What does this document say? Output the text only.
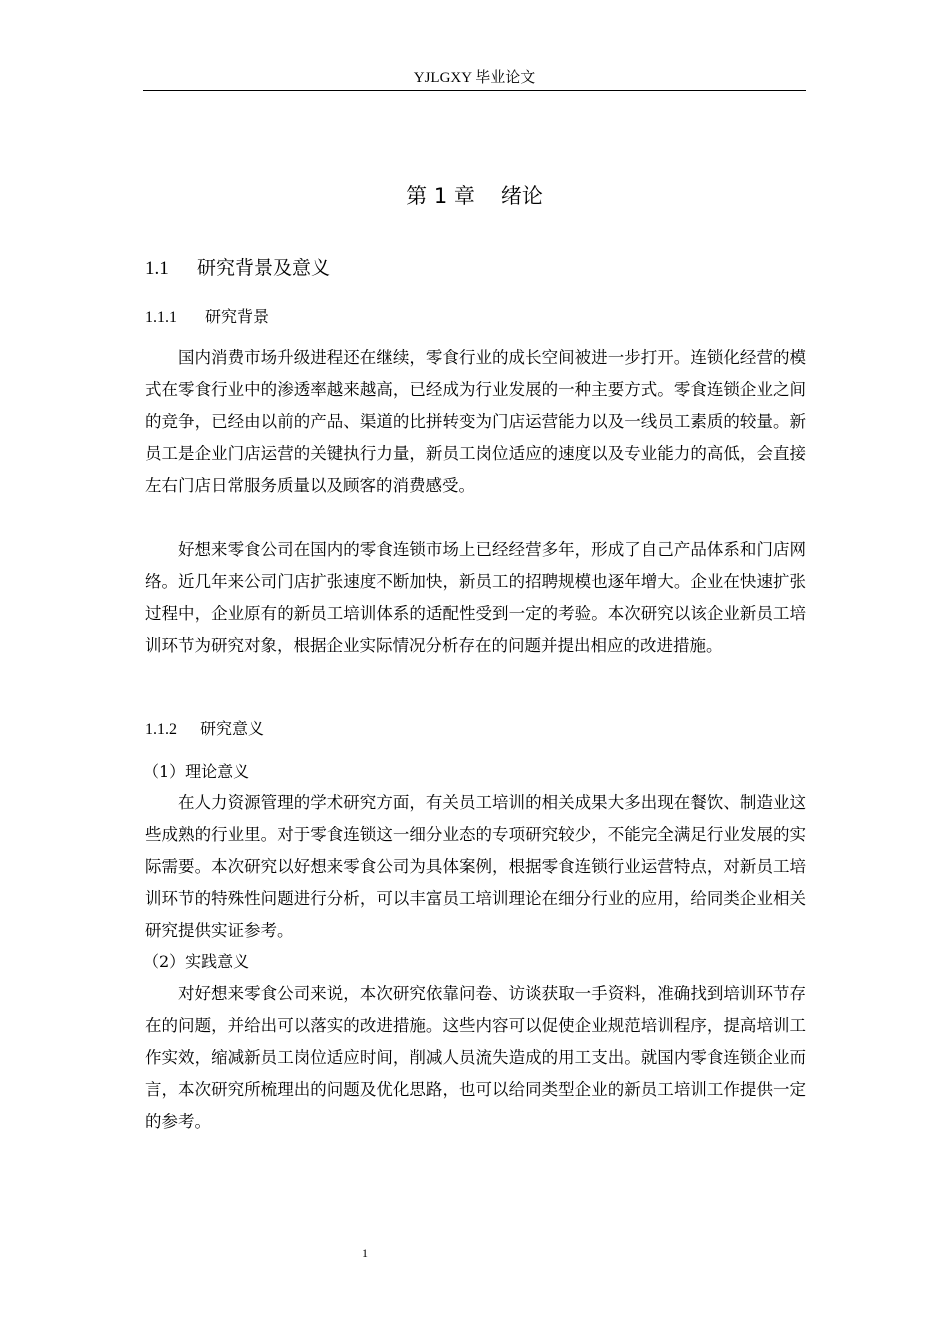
YJLGXY 毕业论文
第 1 章 绪论
1.1 研究背景及意义
1.1.1 研究背景

国内消费市场升级进程还在继续，零食行业的成长空间被进一步打开。连锁化经营的模式在零食行业中的渗透率越来越高，已经成为行业发展的一种主要方式。零食连锁企业之间的竞争，已经由以前的产品、渠道的比拼转变为门店运营能力以及一线员工素质的较量。新员工是企业门店运营的关键执行力量，新员工岗位适应的速度以及专业能力的高低，会直接左右门店日常服务质量以及顾客的消费感受。

好想来零食公司在国内的零食连锁市场上已经经营多年，形成了自己产品体系和门店网络。近几年来公司门店扩张速度不断加快，新员工的招聘规模也逐年增大。企业在快速扩张过程中，企业原有的新员工培训体系的适配性受到一定的考验。本次研究以该企业新员工培训环节为研究对象，根据企业实际情况分析存在的问题并提出相应的改进措施。

1.1.2 研究意义
（1）理论意义

在人力资源管理的学术研究方面，有关员工培训的相关成果大多出现在餐饮、制造业这些成熟的行业里。对于零食连锁这一细分业态的专项研究较少，不能完全满足行业发展的实际需要。本次研究以好想来零食公司为具体案例，根据零食连锁行业运营特点，对新员工培训环节的特殊性问题进行分析，可以丰富员工培训理论在细分行业的应用，给同类企业相关研究提供实证参考。

（2）实践意义

对好想来零食公司来说，本次研究依靠问卷、访谈获取一手资料，准确找到培训环节存在的问题，并给出可以落实的改进措施。这些内容可以促使企业规范培训程序，提高培训工作实效，缩减新员工岗位适应时间，削减人员流失造成的用工支出。就国内零食连锁企业而言，本次研究所梳理出的问题及优化思路，也可以给同类型企业的新员工培训工作提供一定的参考。

1
